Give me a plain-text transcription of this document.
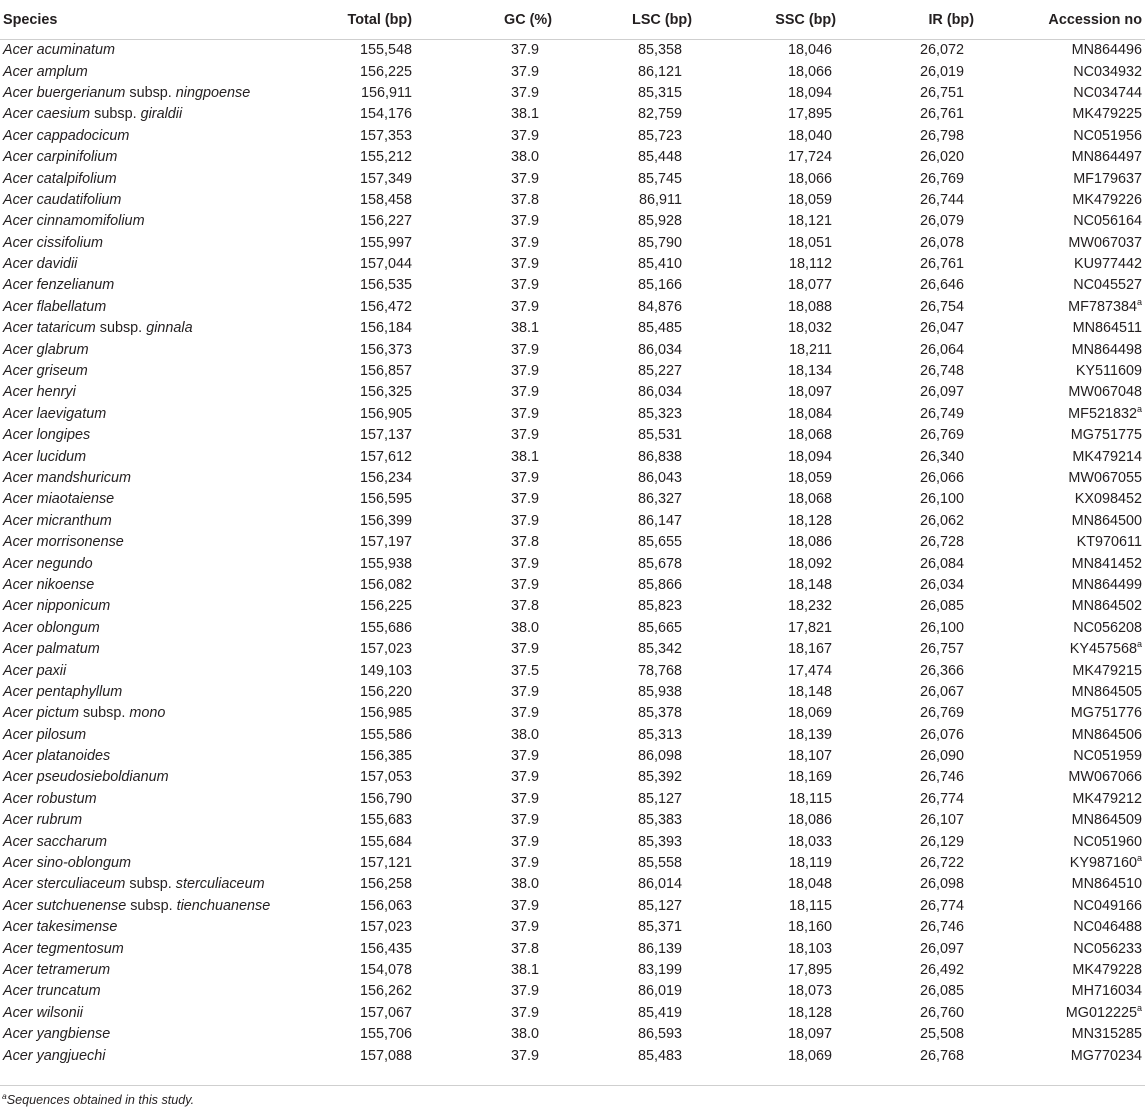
Species	Total (bp)	GC (%)	LSC (bp)	SSC (bp)	IR (bp)	Accession no
Acer acuminatum	155,548	37.9	85,358	18,046	26,072	MN864496
Acer amplum	156,225	37.9	86,121	18,066	26,019	NC034932
Acer buergerianum subsp. ningpoense	156,911	37.9	85,315	18,094	26,751	NC034744
Acer caesium subsp. giraldii	154,176	38.1	82,759	17,895	26,761	MK479225
Acer cappadocicum	157,353	37.9	85,723	18,040	26,798	NC051956
Acer carpinifolium	155,212	38.0	85,448	17,724	26,020	MN864497
Acer catalpifolium	157,349	37.9	85,745	18,066	26,769	MF179637
Acer caudatifolium	158,458	37.8	86,911	18,059	26,744	MK479226
Acer cinnamomifolium	156,227	37.9	85,928	18,121	26,079	NC056164
Acer cissifolium	155,997	37.9	85,790	18,051	26,078	MW067037
Acer davidii	157,044	37.9	85,410	18,112	26,761	KU977442
Acer fenzelianum	156,535	37.9	85,166	18,077	26,646	NC045527
Acer flabellatum	156,472	37.9	84,876	18,088	26,754	MF787384$^a$
Acer tataricum subsp. ginnala	156,184	38.1	85,485	18,032	26,047	MN864511
Acer glabrum	156,373	37.9	86,034	18,211	26,064	MN864498
Acer griseum	156,857	37.9	85,227	18,134	26,748	KY511609
Acer henryi	156,325	37.9	86,034	18,097	26,097	MW067048
Acer laevigatum	156,905	37.9	85,323	18,084	26,749	MF521832$^a$
Acer longipes	157,137	37.9	85,531	18,068	26,769	MG751775
Acer lucidum	157,612	38.1	86,838	18,094	26,340	MK479214
Acer mandshuricum	156,234	37.9	86,043	18,059	26,066	MW067055
Acer miaotaiense	156,595	37.9	86,327	18,068	26,100	KX098452
Acer micranthum	156,399	37.9	86,147	18,128	26,062	MN864500
Acer morrisonense	157,197	37.8	85,655	18,086	26,728	KT970611
Acer negundo	155,938	37.9	85,678	18,092	26,084	MN841452
Acer nikoense	156,082	37.9	85,866	18,148	26,034	MN864499
Acer nipponicum	156,225	37.8	85,823	18,232	26,085	MN864502
Acer oblongum	155,686	38.0	85,665	17,821	26,100	NC056208
Acer palmatum	157,023	37.9	85,342	18,167	26,757	KY457568$^a$
Acer paxii	149,103	37.5	78,768	17,474	26,366	MK479215
Acer pentaphyllum	156,220	37.9	85,938	18,148	26,067	MN864505
Acer pictum subsp. mono	156,985	37.9	85,378	18,069	26,769	MG751776
Acer pilosum	155,586	38.0	85,313	18,139	26,076	MN864506
Acer platanoides	156,385	37.9	86,098	18,107	26,090	NC051959
Acer pseudosieboldianum	157,053	37.9	85,392	18,169	26,746	MW067066
Acer robustum	156,790	37.9	85,127	18,115	26,774	MK479212
Acer rubrum	155,683	37.9	85,383	18,086	26,107	MN864509
Acer saccharum	155,684	37.9	85,393	18,033	26,129	NC051960
Acer sino-oblongum	157,121	37.9	85,558	18,119	26,722	KY987160$^a$
Acer sterculiaceum subsp. sterculiaceum	156,258	38.0	86,014	18,048	26,098	MN864510
Acer sutchuenense subsp. tienchuanense	156,063	37.9	85,127	18,115	26,774	NC049166
Acer takesimense	157,023	37.9	85,371	18,160	26,746	NC046488
Acer tegmentosum	156,435	37.8	86,139	18,103	26,097	NC056233
Acer tetramerum	154,078	38.1	83,199	17,895	26,492	MK479228
Acer truncatum	156,262	37.9	86,019	18,073	26,085	MH716034
Acer wilsonii	157,067	37.9	85,419	18,128	26,760	MG012225$^a$
Acer yangbiense	155,706	38.0	86,593	18,097	25,508	MN315285
Acer yangjuechi	157,088	37.9	85,483	18,069	26,768	MG770234
$^a$Sequences obtained in this study.
